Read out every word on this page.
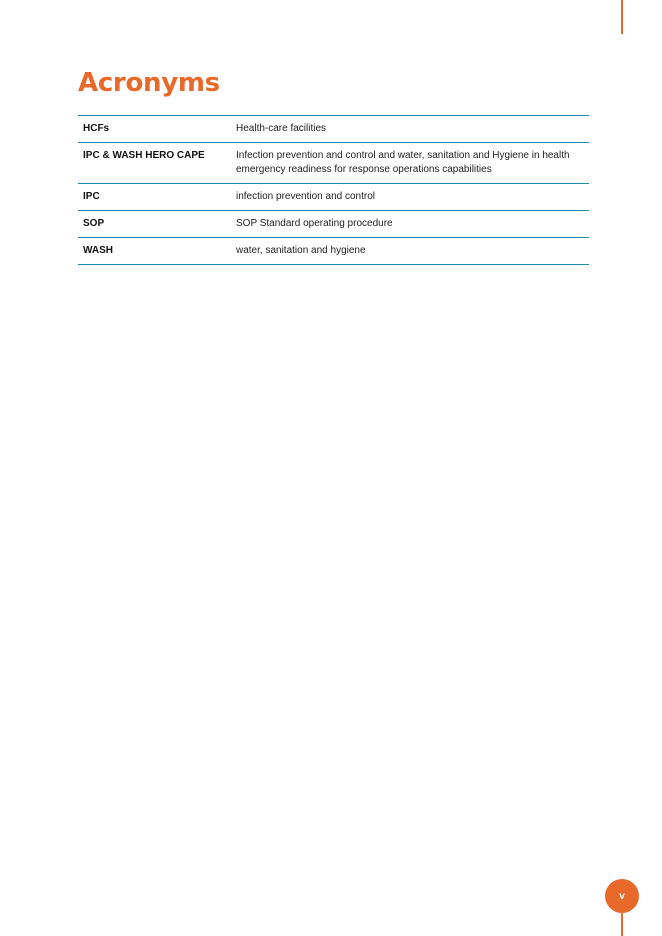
Acronyms
HCFs	Health-care facilities
IPC & WASH HERO CAPE	Infection prevention and control and water, sanitation and Hygiene in health emergency readiness for response operations capabilities
IPC	infection prevention and control
SOP	SOP Standard operating procedure
WASH	water, sanitation and hygiene
v
